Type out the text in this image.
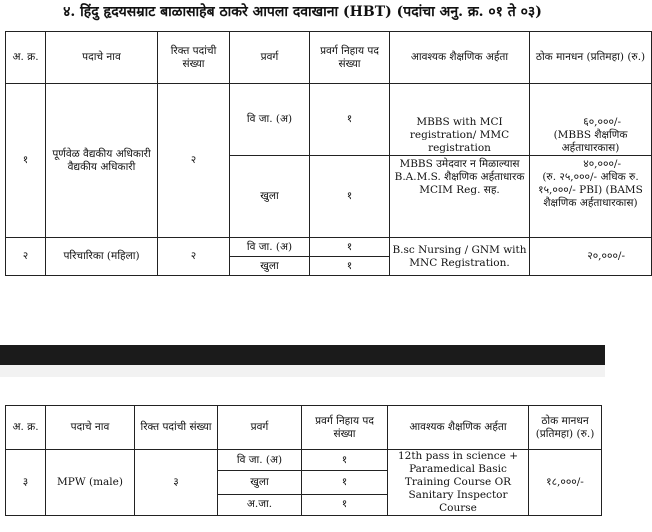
४. हिंदु हृदयसम्राट बाळासाहेब ठाकरे आपला दवाखाना (HBT) (पदांचा अनु. क्र. ०१ ते ०३)
अ. क्र.	पदाचे नाव	रिक्त पदांची संख्या	प्रवर्ग	प्रवर्ग निहाय पद संख्या	आवश्यक शैक्षणिक अर्हता	ठोक मानधन (प्रतिमहा) (रु.)
१	पूर्णवेळ वैद्यकीय अधिकारी वैद्यकीय अधिकारी	२	वि जा. (अ)	१	MBBS with MCI registration/ MMC registration	६०,०००/-
(MBBS शैक्षणिक अर्हताधारकास)

			खुला	१	MBBS उमेदवार न मिळाल्यास B.A.M.S. शैक्षणिक अर्हताधारक MCIM Reg. सह.	४०,०००/-
(रु. २५,०००/- अधिक रु. १५,०००/- PBI) (BAMS शैक्षणिक अर्हताधारकास)

२	परिचारिका (महिला)	२	वि जा. (अ)	१	B.sc Nursing / GNM with MNC Registration.	२०,०००/-
			खुला	१		
अ. क्र.	पदाचे नाव	रिक्त पदांची संख्या	प्रवर्ग	प्रवर्ग निहाय पद संख्या	आवश्यक शैक्षणिक अर्हता	ठोक मानधन (प्रतिमहा) (रु.)
३	MPW (male)	३	वि जा. (अ)	१	12th pass in science + Paramedical Basic Training Course OR Sanitary Inspector Course	१८,०००/-
			खुला	१		
			अ.जा.	१		
